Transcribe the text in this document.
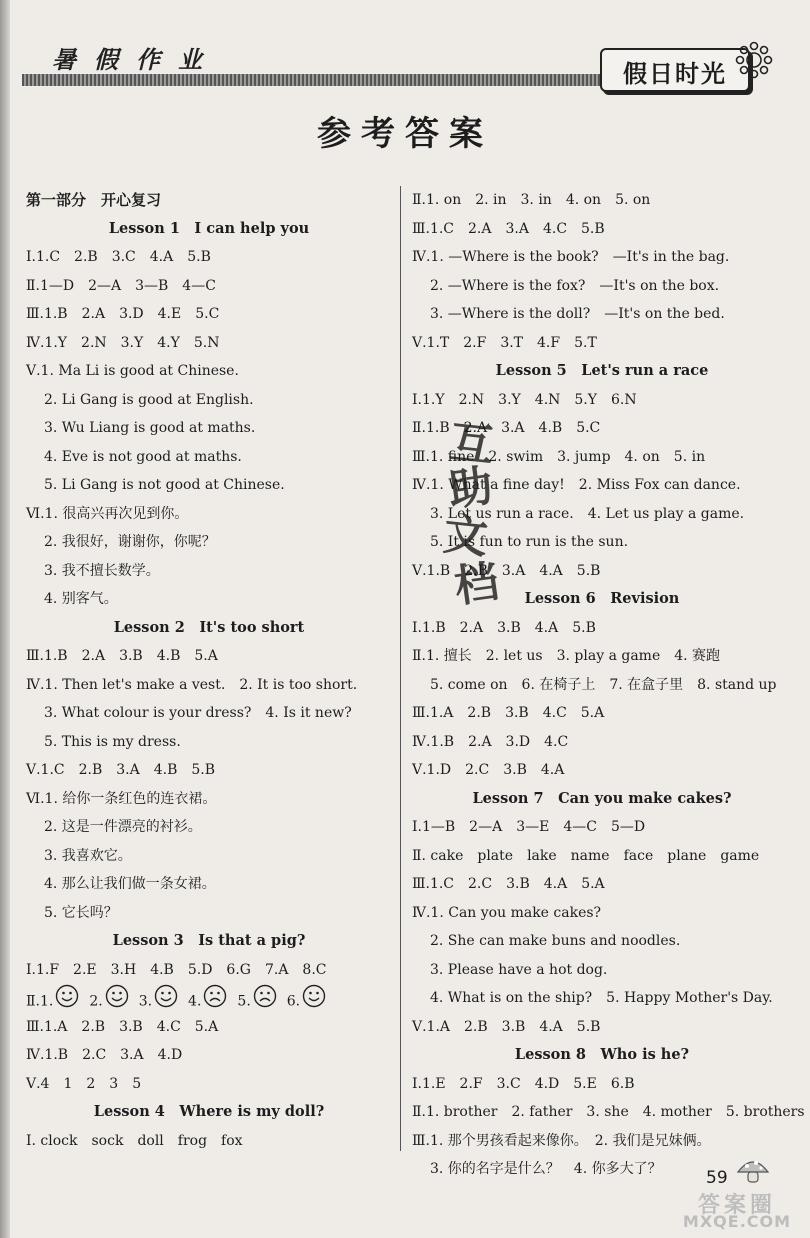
暑假作业	假日时光
参考答案
第一部分　开心复习
Lesson 1　I can help you
Ⅰ.1.C　2.B　3.C　4.A　5.B
Ⅱ.1—D　2—A　3—B　4—C
Ⅲ.1.B　2.A　3.D　4.E　5.C
Ⅳ.1.Y　2.N　3.Y　4.Y　5.N
Ⅴ.1. Ma Li is good at Chinese.
2. Li Gang is good at English.
3. Wu Liang is good at maths.
4. Eve is not good at maths.
5. Li Gang is not good at Chinese.
Ⅵ.1. 很高兴再次见到你。
2. 我很好，谢谢你，你呢？
3. 我不擅长数学。
4. 别客气。
Lesson 2　It's too short
Ⅲ.1.B　2.A　3.B　4.B　5.A
Ⅳ.1. Then let's make a vest.　2. It is too short.
3. What colour is your dress?　4. Is it new?
5. This is my dress.
Ⅴ.1.C　2.B　3.A　4.B　5.B
Ⅵ.1. 给你一条红色的连衣裙。
2. 这是一件漂亮的衬衫。
3. 我喜欢它。
4. 那么让我们做一条女裙。
5. 它长吗？
Lesson 3　Is that a pig?
Ⅰ.1.F　2.E　3.H　4.B　5.D　6.G　7.A　8.C
Ⅱ.1.	2.	3.	4.	5.	6.
Ⅲ.1.A　2.B　3.B　4.C　5.A
Ⅳ.1.B　2.C　3.A　4.D
Ⅴ.4　1　2　3　5
Lesson 4　Where is my doll?
Ⅰ. clock　sock　doll　frog　fox
Ⅱ.1. on　2. in　3. in　4. on　5. on
Ⅲ.1.C　2.A　3.A　4.C　5.B
Ⅳ.1. —Where is the book?　—It's in the bag.
2. —Where is the fox?　—It's on the box.
3. —Where is the doll?　—It's on the bed.
Ⅴ.1.T　2.F　3.T　4.F　5.T
Lesson 5　Let's run a race
Ⅰ.1.Y　2.N　3.Y　4.N　5.Y　6.N
Ⅱ.1.B　2.A　3.A　4.B　5.C
Ⅲ.1. fine　2. swim　3. jump　4. on　5. in
Ⅳ.1. What a fine day!　2. Miss Fox can dance.
3. Let us run a race.　4. Let us play a game.
5. It is fun to run is the sun.
Ⅴ.1.B　2.B　3.A　4.A　5.B
Lesson 6　Revision
Ⅰ.1.B　2.A　3.B　4.A　5.B
Ⅱ.1. 擅长　2. let us　3. play a game　4. 赛跑
5. come on　6. 在椅子上　7. 在盒子里　8. stand up
Ⅲ.1.A　2.B　3.B　4.C　5.A
Ⅳ.1.B　2.A　3.D　4.C
Ⅴ.1.D　2.C　3.B　4.A
Lesson 7　Can you make cakes?
Ⅰ.1—B　2—A　3—E　4—C　5—D
Ⅱ. cake　plate　lake　name　face　plane　game
Ⅲ.1.C　2.C　3.B　4.A　5.A
Ⅳ.1. Can you make cakes?
2. She can make buns and noodles.
3. Please have a hot dog.
4. What is on the ship?　5. Happy Mother's Day.
Ⅴ.1.A　2.B　3.B　4.A　5.B
Lesson 8　Who is he?
Ⅰ.1.E　2.F　3.C　4.D　5.E　6.B
Ⅱ.1. brother　2. father　3. she　4. mother　5. brothers
Ⅲ.1. 那个男孩看起来像你。　2. 我们是兄妹俩。
3. 你的名字是什么？　4. 你多大了？
互
助
文
档
59
答案圈
MXQE.COM
